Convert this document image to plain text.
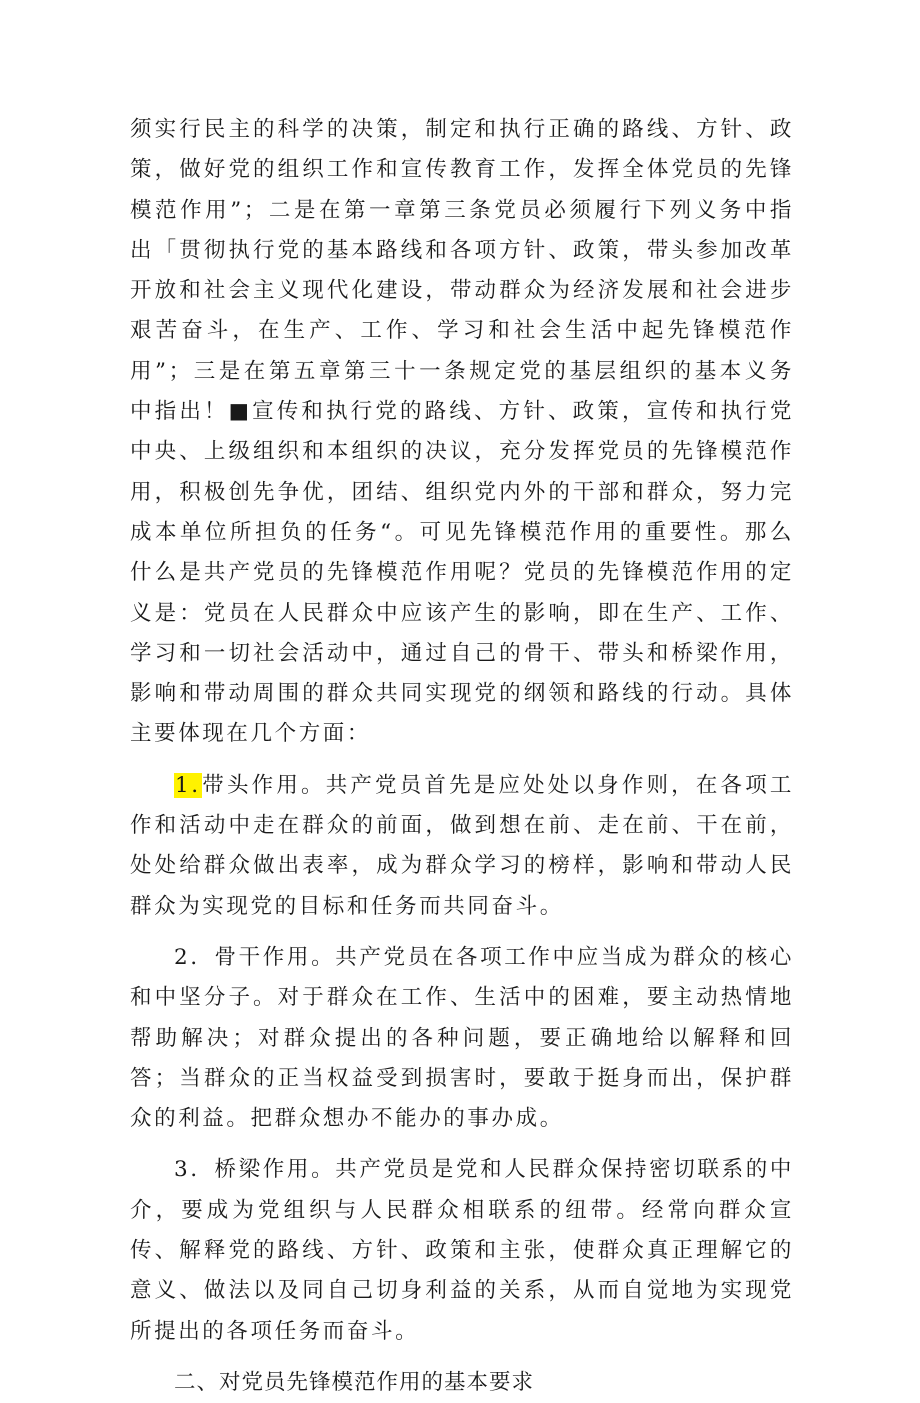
须实行民主的科学的决策，制定和执行正确的路线、方针、政策，做好党的组织工作和宣传教育工作，发挥全体党员的先锋模范作用”；二是在第一章第三条党员必须履行下列义务中指出「贯彻执行党的基本路线和各项方针、政策，带头参加改革开放和社会主义现代化建设，带动群众为经济发展和社会进步艰苦奋斗，在生产、工作、学习和社会生活中起先锋模范作用”；三是在第五章第三十一条规定党的基层组织的基本义务中指出！■宣传和执行党的路线、方针、政策，宣传和执行党中央、上级组织和本组织的决议，充分发挥党员的先锋模范作用，积极创先争优，团结、组织党内外的干部和群众，努力完成本单位所担负的任务“。可见先锋模范作用的重要性。那么什么是共产党员的先锋模范作用呢？党员的先锋模范作用的定义是：党员在人民群众中应该产生的影响，即在生产、工作、学习和一切社会活动中，通过自己的骨干、带头和桥梁作用，影响和带动周围的群众共同实现党的纲领和路线的行动。具体主要体现在几个方面：

1.带头作用。共产党员首先是应处处以身作则，在各项工作和活动中走在群众的前面，做到想在前、走在前、干在前，处处给群众做出表率，成为群众学习的榜样，影响和带动人民群众为实现党的目标和任务而共同奋斗。

2．骨干作用。共产党员在各项工作中应当成为群众的核心和中坚分子。对于群众在工作、生活中的困难，要主动热情地帮助解决；对群众提出的各种问题，要正确地给以解释和回答；当群众的正当权益受到损害时，要敢于挺身而出，保护群众的利益。把群众想办不能办的事办成。

3．桥梁作用。共产党员是党和人民群众保持密切联系的中介，要成为党组织与人民群众相联系的纽带。经常向群众宣传、解释党的路线、方针、政策和主张，使群众真正理解它的意义、做法以及同自己切身利益的关系，从而自觉地为实现党所提出的各项任务而奋斗。

二、对党员先锋模范作用的基本要求
